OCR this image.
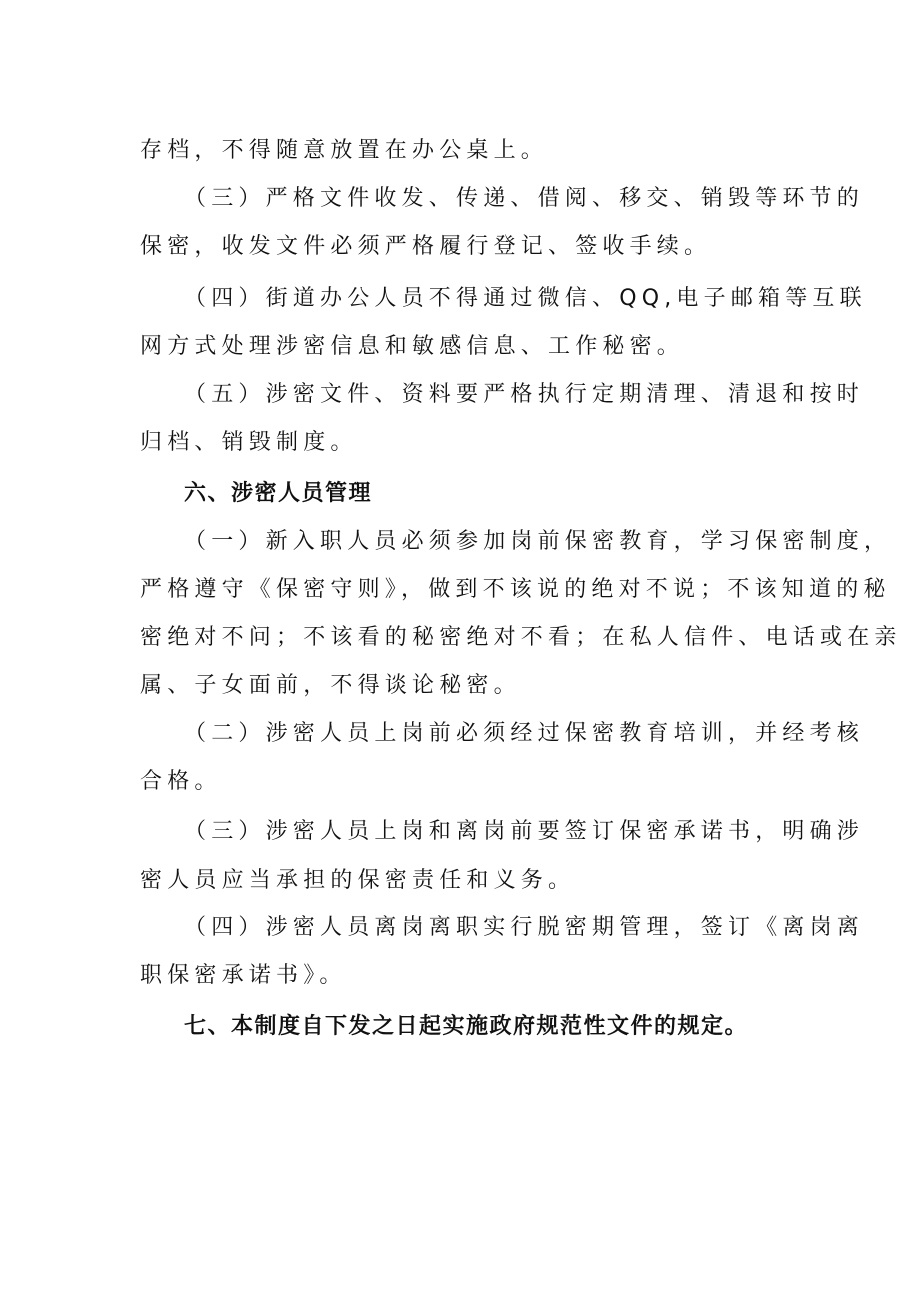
存档，不得随意放置在办公桌上。
（三）严格文件收发、传递、借阅、移交、销毁等环节的
保密，收发文件必须严格履行登记、签收手续。
（四）街道办公人员不得通过微信、QQ,电子邮箱等互联
网方式处理涉密信息和敏感信息、工作秘密。
（五）涉密文件、资料要严格执行定期清理、清退和按时
归档、销毁制度。
六、涉密人员管理
（一）新入职人员必须参加岗前保密教育，学习保密制度，
严格遵守《保密守则》，做到不该说的绝对不说；不该知道的秘
密绝对不问；不该看的秘密绝对不看；在私人信件、电话或在亲
属、子女面前，不得谈论秘密。
（二）涉密人员上岗前必须经过保密教育培训，并经考核
合格。
（三）涉密人员上岗和离岗前要签订保密承诺书，明确涉
密人员应当承担的保密责任和义务。
（四）涉密人员离岗离职实行脱密期管理，签订《离岗离
职保密承诺书》。
七、本制度自下发之日起实施政府规范性文件的规定。
